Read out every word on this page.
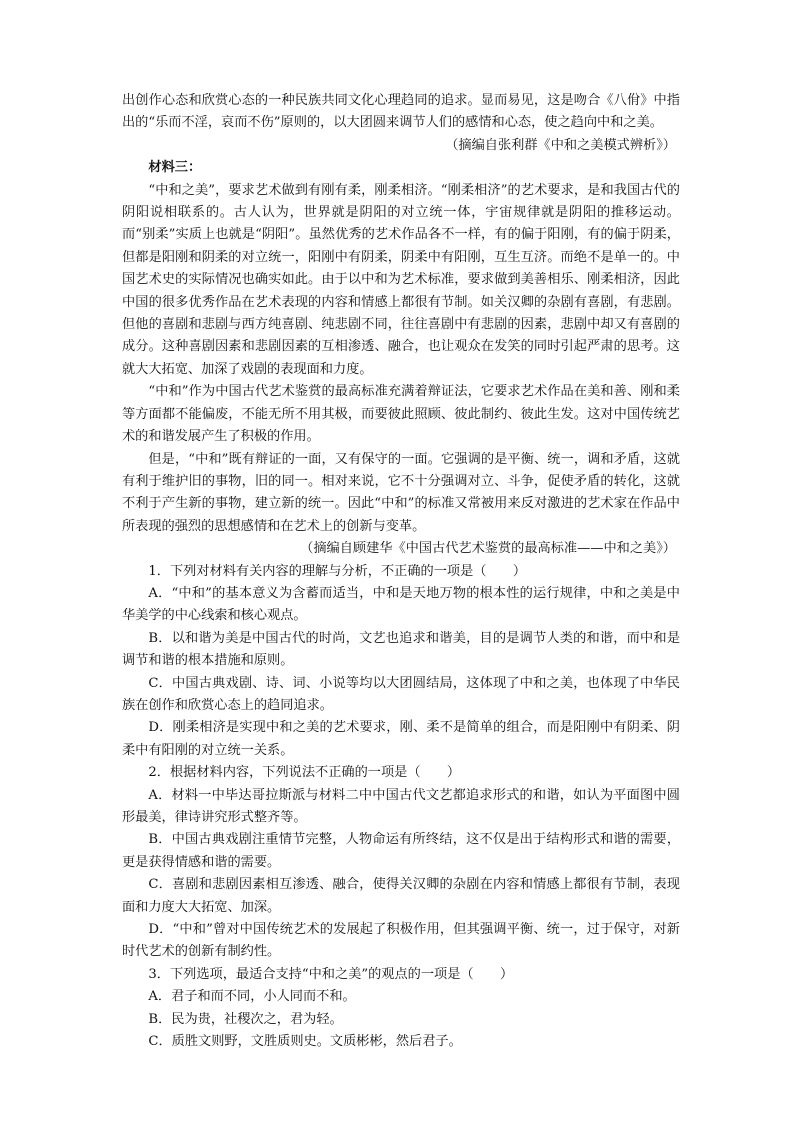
出创作心态和欣赏心态的一种民族共同文化心理趋同的追求。显而易见，这是吻合《八佾》中指出的“乐而不淫，哀而不伤”原则的，以大团圆来调节人们的感情和心态，使之趋向中和之美。

（摘编自张利群《中和之美模式辨析》）

材料三：

“中和之美”，要求艺术做到有刚有柔，刚柔相济。“刚柔相济”的艺术要求，是和我国古代的阴阳说相联系的。古人认为，世界就是阴阳的对立统一体，宇宙规律就是阴阳的推移运动。而“别柔”实质上也就是“阴阳”。虽然优秀的艺术作品各不一样，有的偏于阳刚，有的偏于阴柔，但都是阳刚和阴柔的对立统一，阳刚中有阴柔，阴柔中有阳刚，互生互济。而绝不是单一的。中国艺术史的实际情况也确实如此。由于以中和为艺术标准，要求做到美善相乐、刚柔相济，因此中国的很多优秀作品在艺术表现的内容和情感上都很有节制。如关汉卿的杂剧有喜剧，有悲剧。但他的喜剧和悲剧与西方纯喜剧、纯悲剧不同，往往喜剧中有悲剧的因素，悲剧中却又有喜剧的成分。这种喜剧因素和悲剧因素的互相渗透、融合，也让观众在发笑的同时引起严肃的思考。这就大大拓宽、加深了戏剧的表现面和力度。

“中和”作为中国古代艺术鉴赏的最高标准充满着辩证法，它要求艺术作品在美和善、刚和柔等方面都不能偏废，不能无所不用其极，而要彼此照顾、彼此制约、彼此生发。这对中国传统艺术的和谐发展产生了积极的作用。

但是，“中和”既有辩证的一面，又有保守的一面。它强调的是平衡、统一，调和矛盾，这就有利于维护旧的事物，旧的同一。相对来说，它不十分强调对立、斗争，促使矛盾的转化，这就不利于产生新的事物，建立新的统一。因此“中和”的标准又常被用来反对激进的艺术家在作品中所表现的强烈的思想感情和在艺术上的创新与变革。

（摘编自顾建华《中国古代艺术鉴赏的最高标准——中和之美》）

1．下列对材料有关内容的理解与分析，不正确的一项是（　　）

A．“中和”的基本意义为含蓄而适当，中和是天地万物的根本性的运行规律，中和之美是中华美学的中心线索和核心观点。

B．以和谐为美是中国古代的时尚，文艺也追求和谐美，目的是调节人类的和谐，而中和是调节和谐的根本措施和原则。

C．中国古典戏剧、诗、词、小说等均以大团圆结局，这体现了中和之美，也体现了中华民族在创作和欣赏心态上的趋同追求。

D．刚柔相济是实现中和之美的艺术要求，刚、柔不是简单的组合，而是阳刚中有阴柔、阴柔中有阳刚的对立统一关系。

2．根据材料内容，下列说法不正确的一项是（　　）

A．材料一中毕达哥拉斯派与材料二中中国古代文艺都追求形式的和谐，如认为平面图中圆形最美，律诗讲究形式整齐等。

B．中国古典戏剧注重情节完整，人物命运有所终结，这不仅是出于结构形式和谐的需要，更是获得情感和谐的需要。

C．喜剧和悲剧因素相互渗透、融合，使得关汉卿的杂剧在内容和情感上都很有节制，表现面和力度大大拓宽、加深。

D．“中和”曾对中国传统艺术的发展起了积极作用，但其强调平衡、统一，过于保守，对新时代艺术的创新有制约性。

3．下列选项，最适合支持“中和之美”的观点的一项是（　　）

A．君子和而不同，小人同而不和。

B．民为贵，社稷次之，君为轻。

C．质胜文则野，文胜质则史。文质彬彬，然后君子。
